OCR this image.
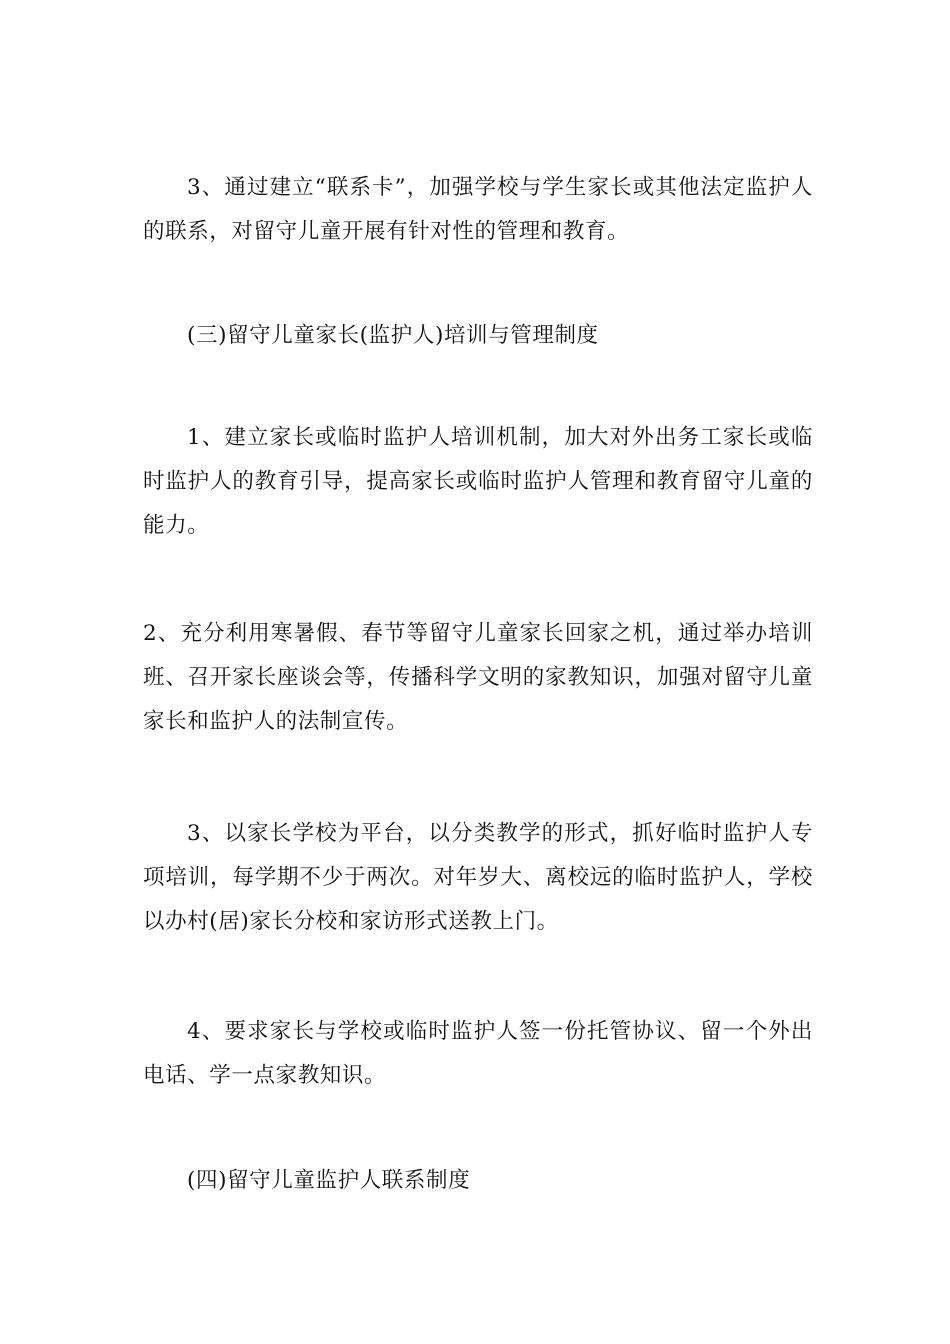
3、通过建立“联系卡”，加强学校与学生家长或其他法定监护人的联系，对留守儿童开展有针对性的管理和教育。

(三)留守儿童家长(监护人)培训与管理制度

1、建立家长或临时监护人培训机制，加大对外出务工家长或临时监护人的教育引导，提高家长或临时监护人管理和教育留守儿童的能力。

2、充分利用寒暑假、春节等留守儿童家长回家之机，通过举办培训班、召开家长座谈会等，传播科学文明的家教知识，加强对留守儿童家长和监护人的法制宣传。

3、以家长学校为平台，以分类教学的形式，抓好临时监护人专项培训，每学期不少于两次。对年岁大、离校远的临时监护人，学校以办村(居)家长分校和家访形式送教上门。

4、要求家长与学校或临时监护人签一份托管协议、留一个外出电话、学一点家教知识。

(四)留守儿童监护人联系制度
